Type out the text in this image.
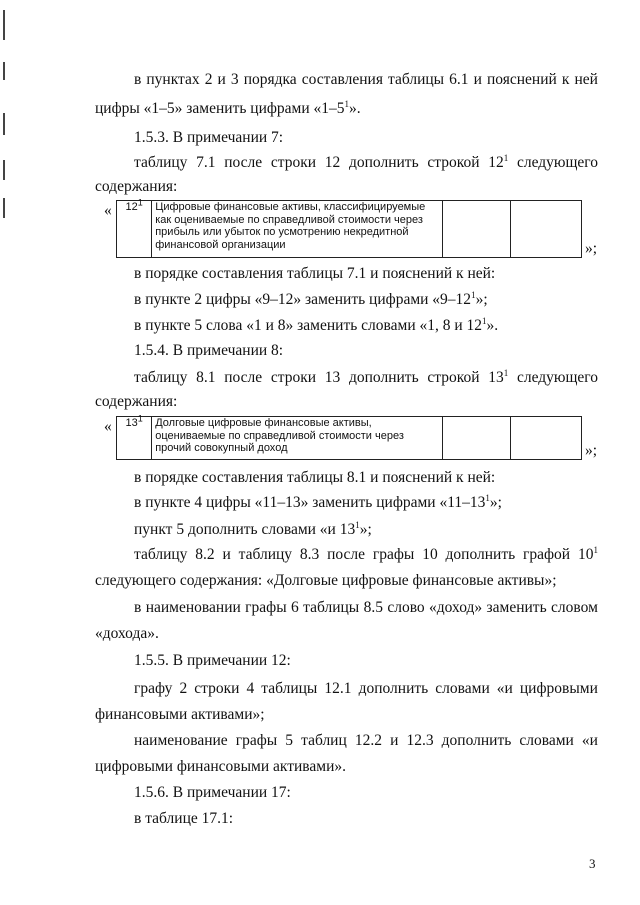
в пунктах 2 и 3 порядка составления таблицы 6.1 и пояснений к ней
цифры «1–5» заменить цифрами «$1-5^1$».
1.5.3. В примечании 7:
таблицу 7.1 после строки 12 дополнить строкой $12^1$ следующего
содержания:
« $12^1$	Цифровые финансовые активы, классифицируемые как оцениваемые по справедливой стоимости через прибыль или убыток по усмотрению некредитной финансовой организации			»;
в порядке составления таблицы 7.1 и пояснений к ней:
в пункте 2 цифры «9–12» заменить цифрами «$9-12^1$»;
в пункте 5 слова «1 и 8» заменить словами «1, 8 и $12^1$».
1.5.4. В примечании 8:
таблицу 8.1 после строки 13 дополнить строкой $13^1$ следующего
содержания:
« $13^1$	Долговые цифровые финансовые активы, оцениваемые по справедливой стоимости через прочий совокупный доход			»;
в порядке составления таблицы 8.1 и пояснений к ней:
в пункте 4 цифры «11–13» заменить цифрами «$11-13^1$»;
пункт 5 дополнить словами «и $13^1$»;
таблицу 8.2 и таблицу 8.3 после графы 10 дополнить графой $10^1$
следующего содержания: «Долговые цифровые финансовые активы»;
в наименовании графы 6 таблицы 8.5 слово «доход» заменить словом
«дохода».
1.5.5. В примечании 12:
графу 2 строки 4 таблицы 12.1 дополнить словами «и цифровыми
финансовыми активами»;
наименование графы 5 таблиц 12.2 и 12.3 дополнить словами «и
цифровыми финансовыми активами».
1.5.6. В примечании 17:
в таблице 17.1:
3
